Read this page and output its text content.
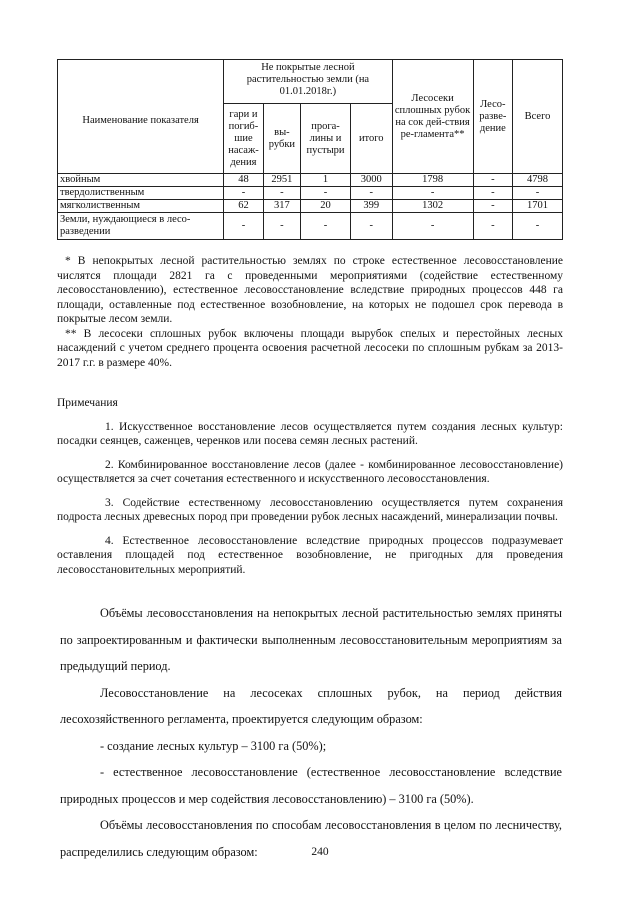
Наименование показателя	Не покрытые лесной растительностью земли (на 01.01.2018г.)				Лесосеки сплошных рубок на сок дей-ствия ре-гламента**	Лесо-разве-дение	Всего
	гари и погиб-шие насаж-дения	вы-рубки	прога-лины и пустыри	итого			
хвойным	48	2951	1	3000	1798	-	4798
твердолиственным	-	-	-	-	-	-	-
мягколиственным	62	317	20	399	1302	-	1701
Земли, нуждающиеся в лесо-разведении	-	-	-	-	-	-	-

* В непокрытых лесной растительностью землях по строке естественное лесовосстановление числятся площади 2821 га с проведенными мероприятиями (содействие естественному лесовосстановлению), естественное лесовосстановление вследствие природных процессов 448 га площади, оставленные под естественное возобновление, на которых не подошел срок перевода в покрытые лесом земли.

** В лесосеки сплошных рубок включены площади вырубок спелых и перестойных лесных насаждений с учетом среднего процента освоения расчетной лесосеки по сплошным рубкам за 2013-2017 г.г. в размере 40%.

Примечания

1. Искусственное восстановление лесов осуществляется путем создания лесных культур: посадки сеянцев, саженцев, черенков или посева семян лесных растений.

2. Комбинированное восстановление лесов (далее - комбинированное лесовосстановление) осуществляется за счет сочетания естественного и искусственного лесовосстановления.

3. Содействие естественному лесовосстановлению осуществляется путем сохранения подроста лесных древесных пород при проведении рубок лесных насаждений, минерализации почвы.

4. Естественное лесовосстановление вследствие природных процессов подразумевает оставления площадей под естественное возобновление, не пригодных для проведения лесовосстановительных мероприятий.

Объёмы лесовосстановления на непокрытых лесной растительностью землях приняты по запроектированным и фактически выполненным лесовосстановительным мероприятиям за предыдущий период.

Лесовосстановление на лесосеках сплошных рубок, на период действия лесохозяйственного регламента, проектируется следующим образом:

- создание лесных культур – 3100 га (50%);

- естественное лесовосстановление (естественное лесовосстановление вследствие природных процессов и мер содействия лесовосстановлению) – 3100 га (50%).

Объёмы лесовосстановления по способам лесовосстановления в целом по лесничеству, распределились следующим образом:	240
